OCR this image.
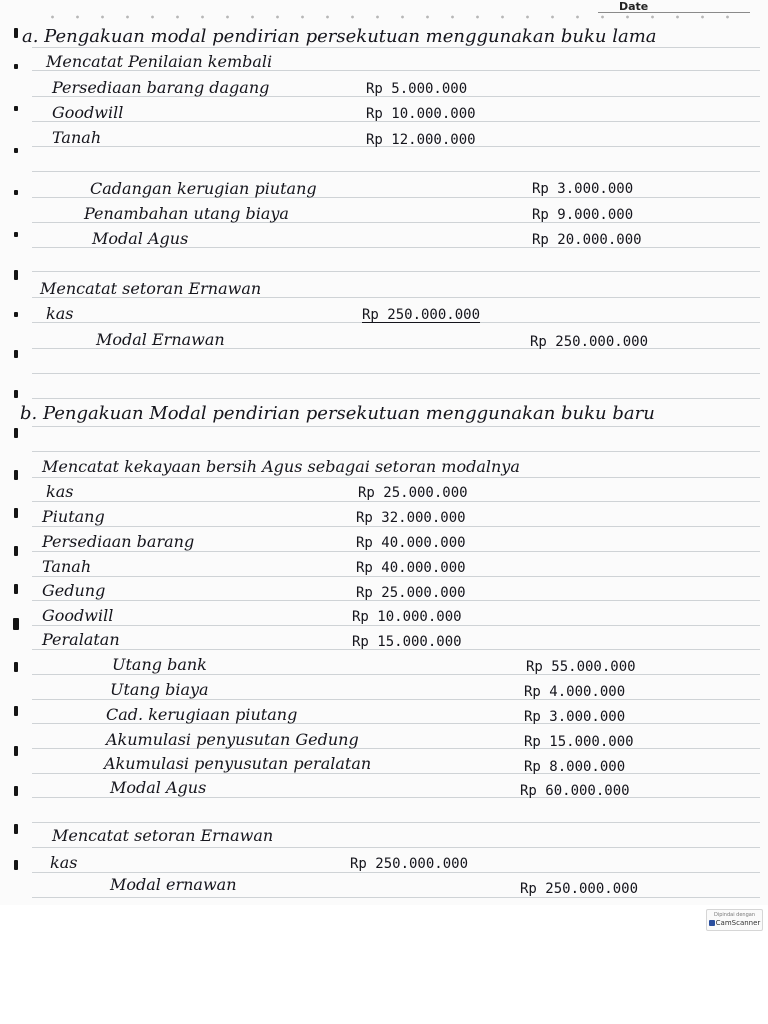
Date
a. Pengakuan modal pendirian persekutuan menggunakan buku lama
Mencatat Penilaian kembali
Persediaan barang dagang	Rp 5.000.000
Goodwill	Rp 10.000.000
Tanah	Rp 12.000.000
Cadangan kerugian piutang	Rp 3.000.000
Penambahan utang biaya	Rp 9.000.000
Modal Agus	Rp 20.000.000
Mencatat setoran Ernawan
kas	Rp 250.000.000
Modal Ernawan	Rp 250.000.000
b. Pengakuan Modal pendirian persekutuan menggunakan buku baru
Mencatat kekayaan bersih Agus sebagai setoran modalnya
kas	Rp 25.000.000
Piutang	Rp 32.000.000
Persediaan barang	Rp 40.000.000
Tanah	Rp 40.000.000
Gedung	Rp 25.000.000
Goodwill	Rp 10.000.000
Peralatan	Rp 15.000.000
Utang bank	Rp 55.000.000
Utang biaya	Rp 4.000.000
Cad. kerugiaan piutang	Rp 3.000.000
Akumulasi penyusutan Gedung	Rp 15.000.000
Akumulasi penyusutan peralatan	Rp 8.000.000
Modal Agus	Rp 60.000.000
Mencatat setoran Ernawan
kas	Rp 250.000.000
Modal ernawan	Rp 250.000.000
Dipindai dengan
CamScanner
